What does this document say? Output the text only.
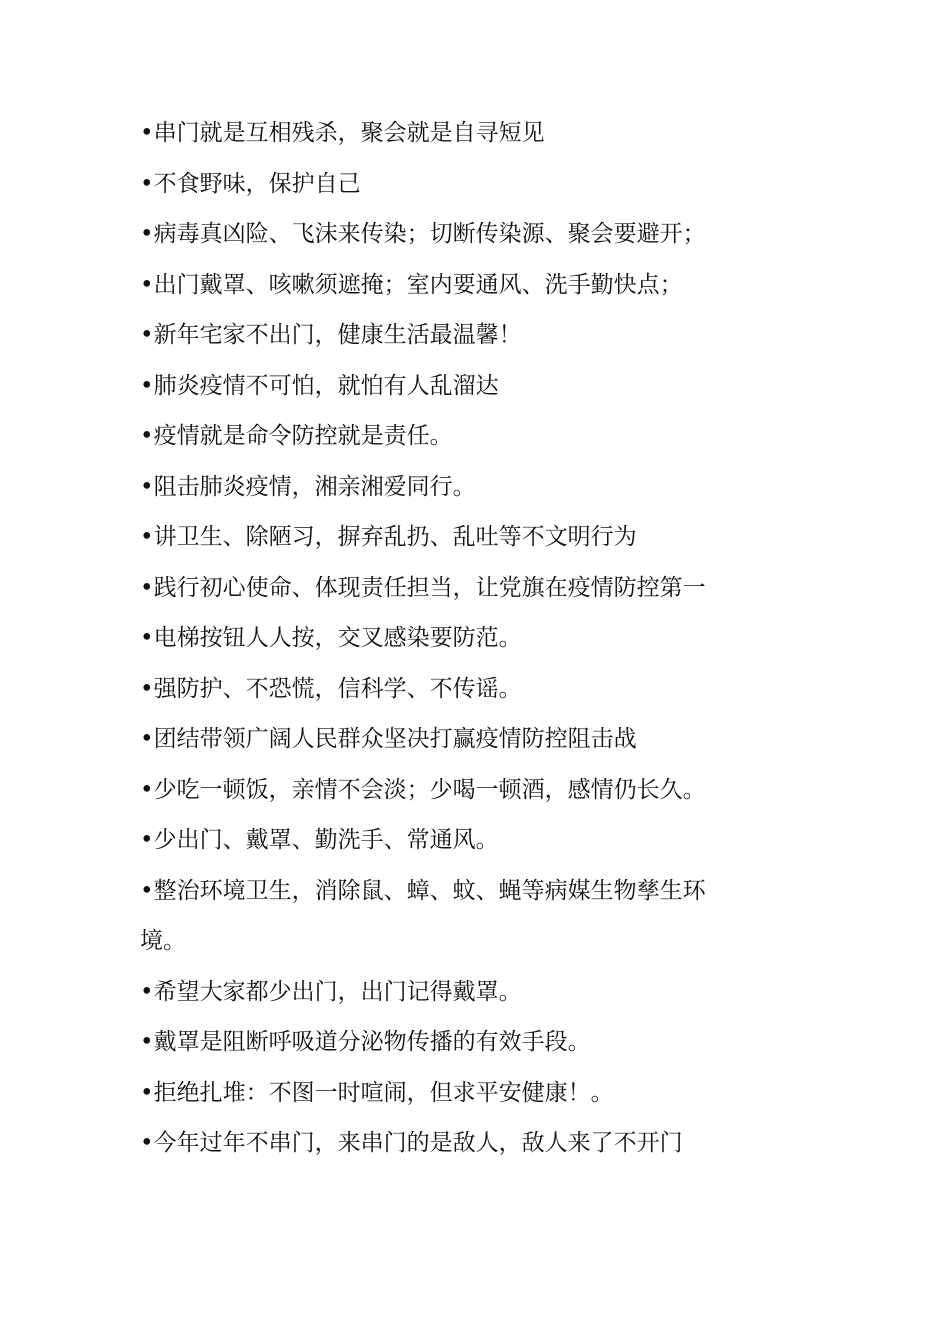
•串门就是互相残杀，聚会就是自寻短见
•不食野味，保护自己
•病毒真凶险、飞沫来传染；切断传染源、聚会要避开；
•出门戴罩、咳嗽须遮掩；室内要通风、洗手勤快点；
•新年宅家不出门，健康生活最温馨！
•肺炎疫情不可怕，就怕有人乱溜达
•疫情就是命令防控就是责任。
•阻击肺炎疫情，湘亲湘爱同行。
•讲卫生、除陋习，摒弃乱扔、乱吐等不文明行为
•践行初心使命、体现责任担当，让党旗在疫情防控第一
•电梯按钮人人按，交叉感染要防范。
•强防护、不恐慌，信科学、不传谣。
•团结带领广阔人民群众坚决打赢疫情防控阻击战
•少吃一顿饭，亲情不会淡；少喝一顿酒，感情仍长久。
•少出门、戴罩、勤洗手、常通风。
•整治环境卫生，消除鼠、蟑、蚊、蝇等病媒生物孳生环境。
•希望大家都少出门，出门记得戴罩。
•戴罩是阻断呼吸道分泌物传播的有效手段。
•拒绝扎堆：不图一时喧闹，但求平安健康！。
•今年过年不串门，来串门的是敌人，敌人来了不开门
